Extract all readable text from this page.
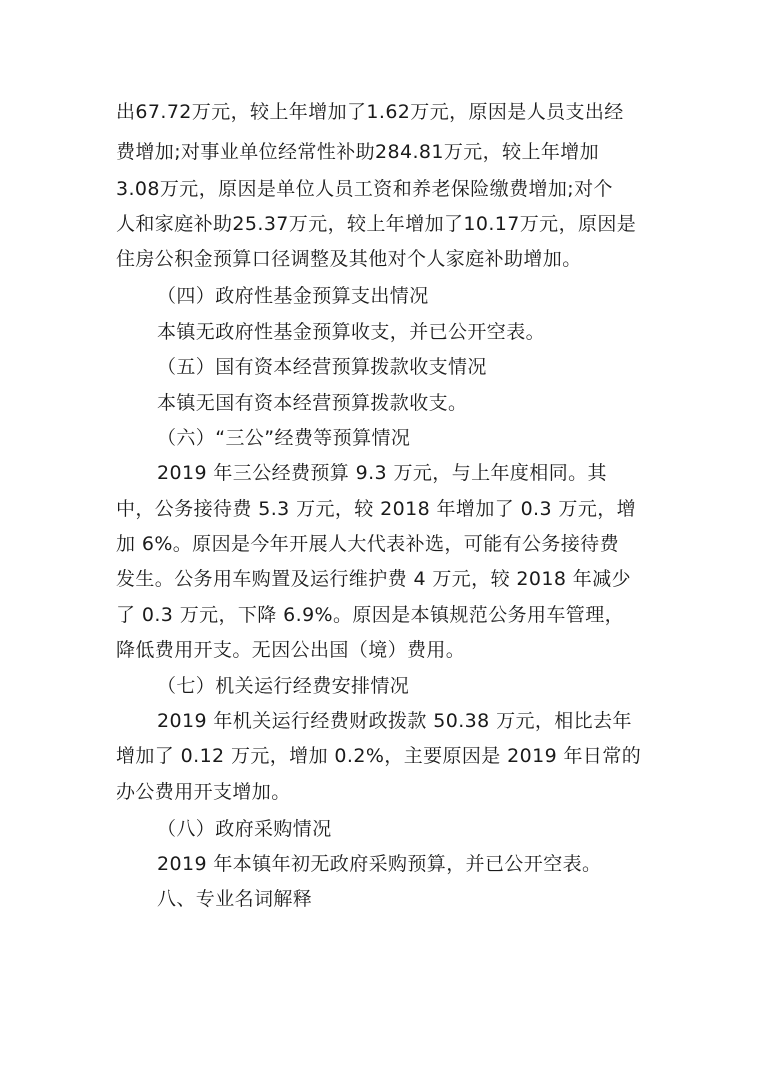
出67.72万元，较上年增加了1.62万元，原因是人员支出经
费增加;对事业单位经常性补助284.81万元，较上年增加
3.08万元，原因是单位人员工资和养老保险缴费增加;对个
人和家庭补助25.37万元，较上年增加了10.17万元，原因是
住房公积金预算口径调整及其他对个人家庭补助增加。
（四）政府性基金预算支出情况
本镇无政府性基金预算收支，并已公开空表。
（五）国有资本经营预算拨款收支情况
本镇无国有资本经营预算拨款收支。
（六）“三公”经费等预算情况
2019 年三公经费预算 9.3 万元，与上年度相同。其
中，公务接待费 5.3 万元，较 2018 年增加了 0.3 万元，增
加 6%。原因是今年开展人大代表补选，可能有公务接待费
发生。公务用车购置及运行维护费 4 万元，较 2018 年减少
了 0.3 万元，下降 6.9%。原因是本镇规范公务用车管理，
降低费用开支。无因公出国（境）费用。
（七）机关运行经费安排情况
2019 年机关运行经费财政拨款 50.38 万元，相比去年
增加了 0.12 万元，增加 0.2%，主要原因是 2019 年日常的
办公费用开支增加。
（八）政府采购情况
2019 年本镇年初无政府采购预算，并已公开空表。
八、专业名词解释
